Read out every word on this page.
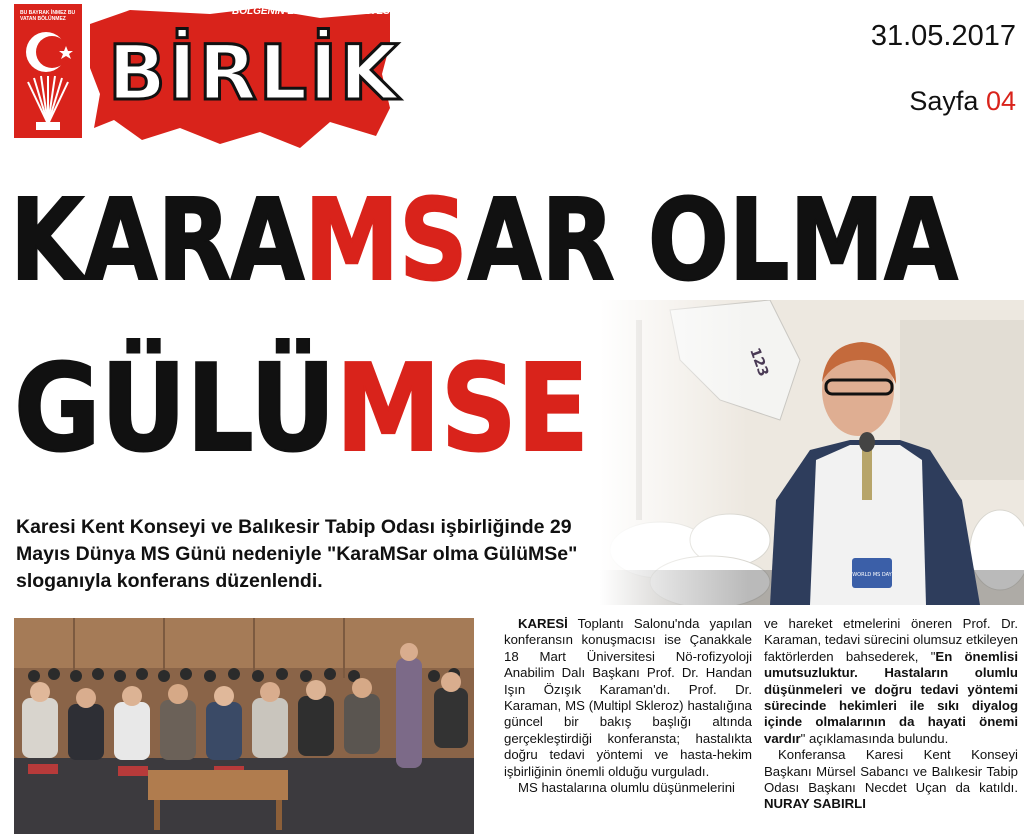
BU BAYRAK İNMEZ BU VATAN BÖLÜNMEZ
BÖLGENİN EN GÜÇLÜ GAZETESİ
BİRLİK	31.05.2017
Sayfa 04
KARAMSAR OLMA
GÜLÜMSE
Karesi Kent Konseyi ve Balıkesir Tabip Odası işbirliğinde 29 Mayıs Dünya MS Günü nedeniyle "KaraMSar olma GülüMSe" sloganıyla konferans düzenlendi.

KARESİ Toplantı Salonu'nda yapılan konferansın konuşmacısı ise Çanakkale 18 Mart Üniversitesi Nö-rofizyoloji Anabilim Dalı Başkanı Prof. Dr. Handan Işın Özışık Karaman'dı. Prof. Dr. Karaman, MS (Multipl Skleroz) hastalığına güncel bir bakış başlığı altında gerçekleştirdiği konferansta; hastalıkta doğru tedavi yöntemi ve hasta-hekim işbirliğinin önemli olduğu vurguladı.

MS hastalarına olumlu düşünmelerini

ve hareket etmelerini öneren Prof. Dr. Karaman, tedavi sürecini olumsuz etkileyen faktörlerden bahsederek, "En önemlisi umutsuzluktur. Hastaların olumlu düşünmeleri ve doğru tedavi yöntemi sürecinde hekimleri ile sıkı diyalog içinde olmalarının da hayati önemi vardır" açıklamasında bulundu.

Konferansa Karesi Kent Konseyi Başkanı Mürsel Sabancı ve Balıkesir Tabip Odası Başkanı Necdet Uçan da katıldı. NURAY SABIRLI
